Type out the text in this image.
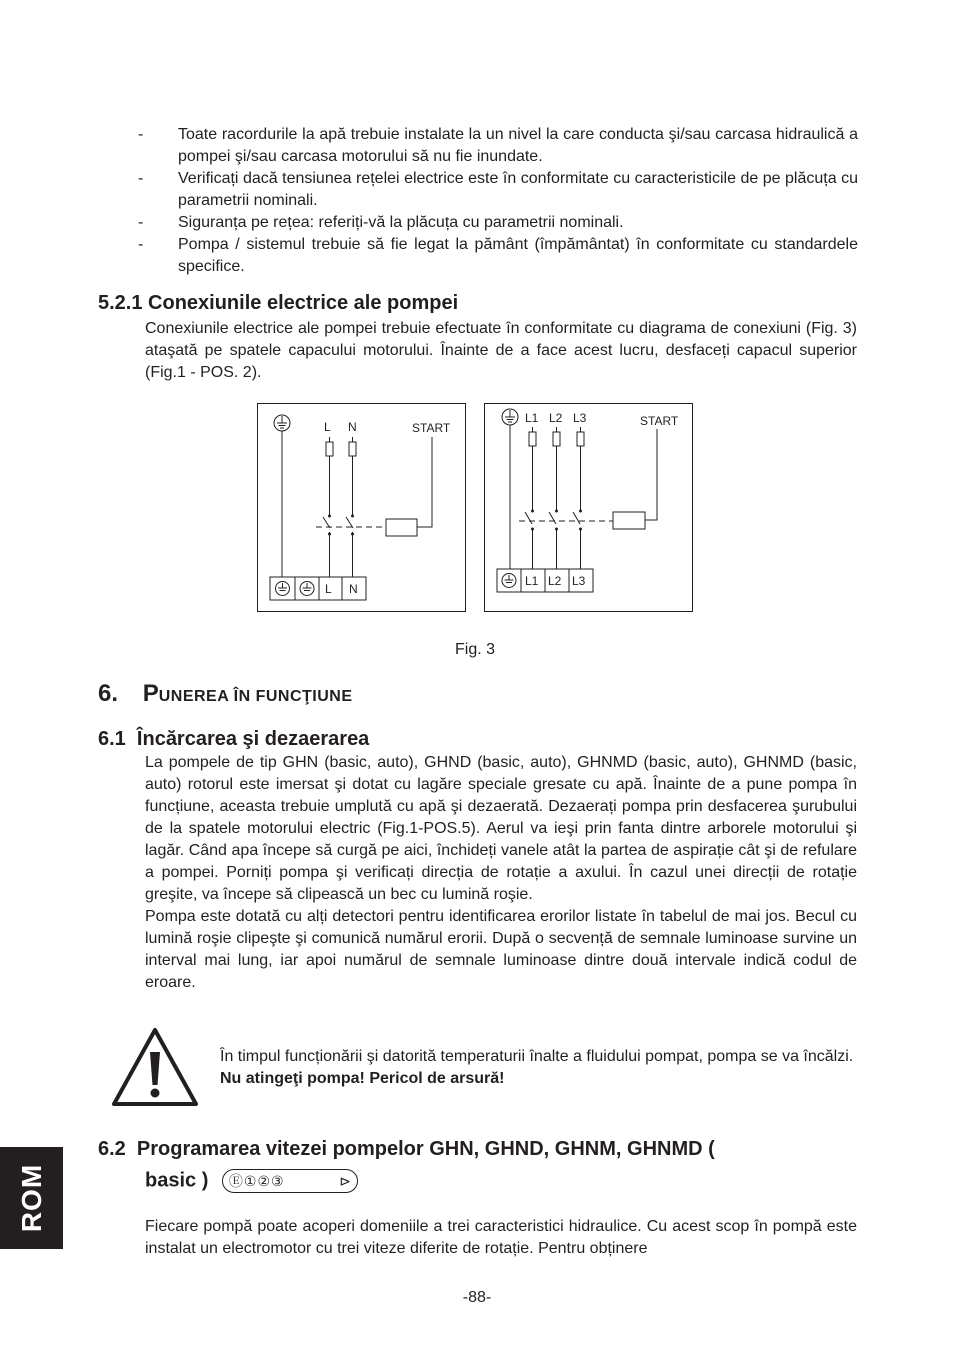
-	Toate racordurile la apă trebuie instalate la un nivel la care conducta şi/sau carcasa hidraulică a pompei şi/sau carcasa motorului să nu fie inundate.
-	Verificați dacă tensiunea rețelei electrice este în conformitate cu caracteristicile de pe plăcuța cu parametrii nominali.
-	Siguranța pe rețea: referiți-vă la plăcuța cu parametrii nominali.
-	Pompa / sistemul trebuie să fie legat la pământ (împământat) în conformitate cu standardele specifice.
5.2.1 Conexiunile electrice ale pompei
Conexiunile electrice ale pompei trebuie efectuate în conformitate cu diagrama de conexiuni (Fig. 3) ataşată pe spatele capacului motorului. Înainte de a face acest lucru, desfaceți capacul superior (Fig.1 - POS. 2).
L N	START
L N
L1 L2 L3	START
L1 L2 L3
Fig. 3
6. PUNEREA ÎN FUNCŢIUNE
6.1  Încărcarea şi dezaerarea

La pompele de tip GHN (basic, auto), GHND (basic, auto), GHNMD (basic, auto), GHNMD (basic, auto) rotorul este imersat şi dotat cu lagăre speciale gresate cu apă. Înainte de a pune pompa în funcțiune, aceasta trebuie umplută cu apă şi dezaerată. Dezaerați pompa prin desfacerea şurubului de la spatele motorului electric (Fig.1-POS.5). Aerul va ieşi prin fanta dintre arborele motorului şi lagăr. Când apa începe să curgă pe aici, închideți vanele atât la partea de aspirație cât şi de refulare a pompei. Porniți pompa şi verificați direcția de rotație a axului. În cazul unei direcții de rotație greşite, va începe să clipească un bec cu lumină roşie.

Pompa este dotată cu alți detectori pentru identificarea erorilor listate în tabelul de mai jos. Becul cu lumină roşie clipeşte şi comunică numărul erorii. După o secvență de semnale luminoase survine un interval mai lung, iar apoi numărul de semnale luminoase dintre două intervale indică codul de eroare.

În timpul funcționării şi datorită temperaturii înalte a fluidului pompat, pompa se va încălzi. Nu atingeţi pompa! Pericol de arsură!
6.2  Programarea vitezei pompelor GHN, GHND, GHNM, GHNMD (
basic ) Ⓔ①②③	⊳
Fiecare pompă poate acoperi domeniile a trei caracteristici hidraulice. Cu acest scop în pompă este instalat un electromotor cu trei viteze diferite de rotație. Pentru obținere
ROM
-88-
